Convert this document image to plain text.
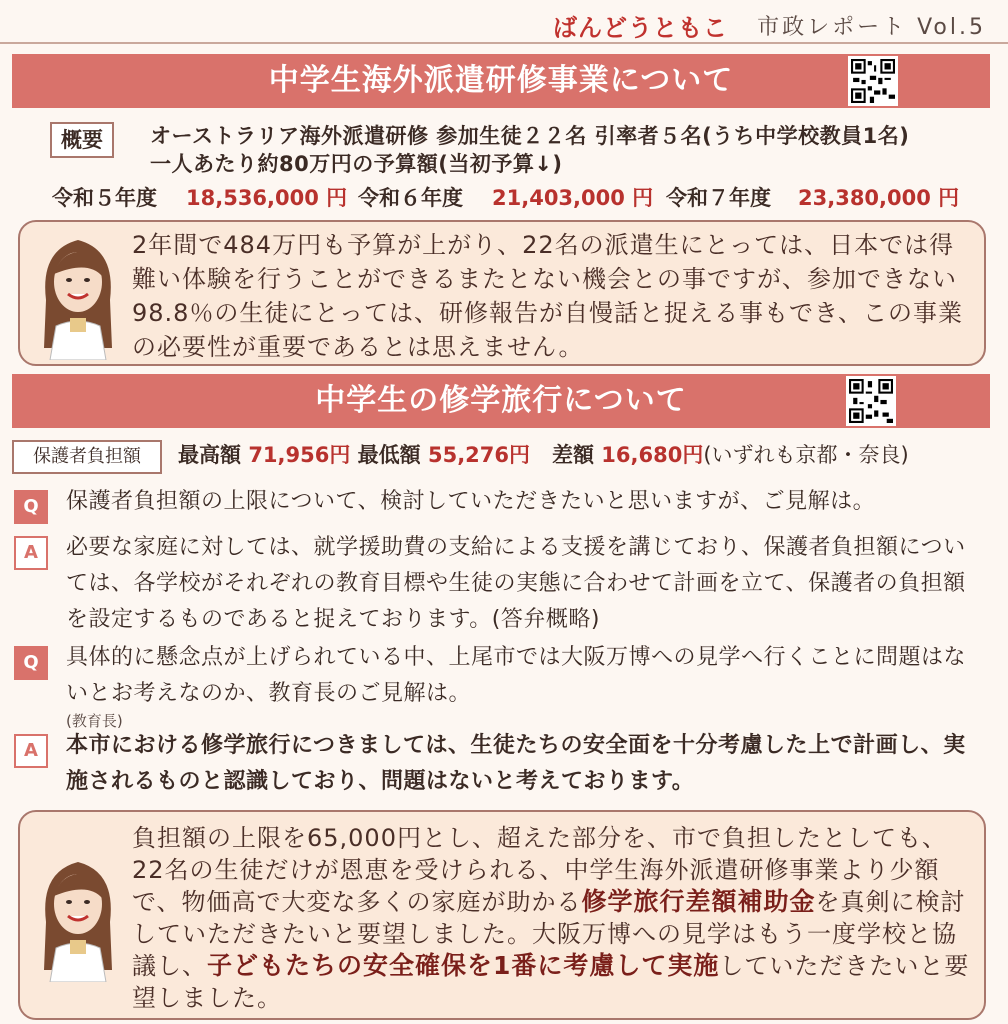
ばんどうともこ 市政レポート Vol.5
中学生海外派遣研修事業について
概要	オーストラリア海外派遣研修 参加生徒２２名 引率者５名(うち中学校教員1名)
一人あたり約80万円の予算額(当初予算↓)
令和５年度 18,536,000 円 令和６年度 21,403,000 円 令和７年度 23,380,000 円
2年間で484万円も予算が上がり、22名の派遣生にとっては、日本では得難い体験を行うことができるまたとない機会との事ですが、参加できない98.8％の生徒にとっては、研修報告が自慢話と捉える事もでき、この事業の必要性が重要であるとは思えません。
中学生の修学旅行について
保護者負担額	最高額 71,956円 最低額 55,276円 差額 16,680円(いずれも京都・奈良)
Q	保護者負担額の上限について、検討していただきたいと思いますが、ご見解は。
A	必要な家庭に対しては、就学援助費の支給による支援を講じており、保護者負担額については、各学校がそれぞれの教育目標や生徒の実態に合わせて計画を立て、保護者の負担額を設定するものであると捉えております。(答弁概略)
Q	具体的に懸念点が上げられている中、上尾市では大阪万博への見学へ行くことに問題はないとお考えなのか、教育長のご見解は。
(教育長)
A	本市における修学旅行につきましては、生徒たちの安全面を十分考慮した上で計画し、実施されるものと認識しており、問題はないと考えております。
負担額の上限を65,000円とし、超えた部分を、市で負担したとしても、22名の生徒だけが恩恵を受けられる、中学生海外派遣研修事業より少額で、物価高で大変な多くの家庭が助かる修学旅行差額補助金を真剣に検討していただきたいと要望しました。大阪万博への見学はもう一度学校と協議し、子どもたちの安全確保を1番に考慮して実施していただきたいと要望しました。
